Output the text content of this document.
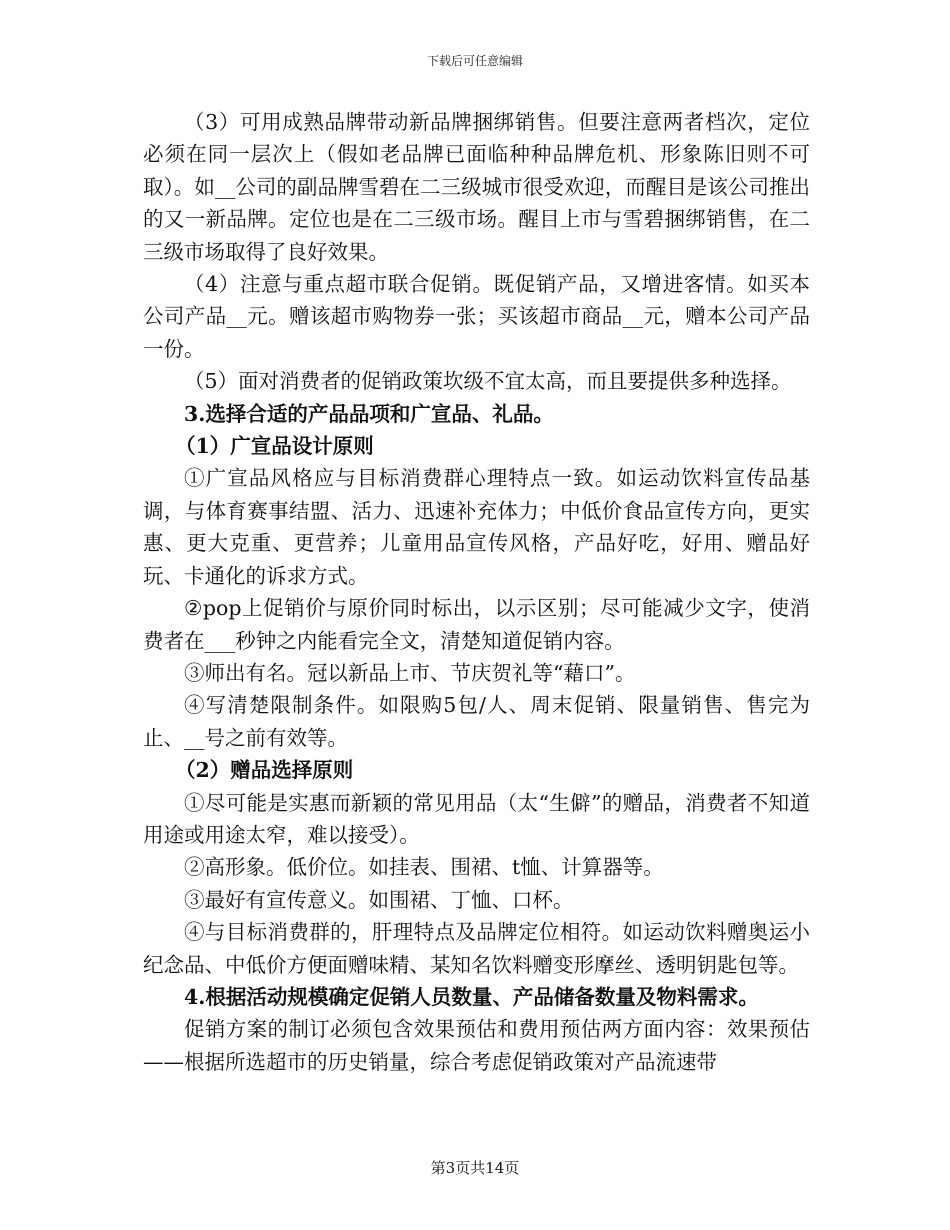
下载后可任意编辑

（3）可用成熟品牌带动新品牌捆绑销售。但要注意两者档次，定位必须在同一层次上（假如老品牌已面临种种品牌危机、形象陈旧则不可取）。如__公司的副品牌雪碧在二三级城市很受欢迎，而醒目是该公司推出的又一新品牌。定位也是在二三级市场。醒目上市与雪碧捆绑销售，在二三级市场取得了良好效果。

（4）注意与重点超市联合促销。既促销产品，又增进客情。如买本公司产品__元。赠该超市购物券一张；买该超市商品__元，赠本公司产品一份。

（5）面对消费者的促销政策坎级不宜太高，而且要提供多种选择。

3.选择合适的产品品项和广宣品、礼品。

（1）广宣品设计原则

①广宣品风格应与目标消费群心理特点一致。如运动饮料宣传品基调，与体育赛事结盟、活力、迅速补充体力；中低价食品宣传方向，更实惠、更大克重、更营养；儿童用品宣传风格，产品好吃，好用、赠品好玩、卡通化的诉求方式。

②pop上促销价与原价同时标出，以示区别；尽可能减少文字，使消费者在___秒钟之内能看完全文，清楚知道促销内容。

③师出有名。冠以新品上市、节庆贺礼等“藉口”。

④写清楚限制条件。如限购5包/人、周末促销、限量销售、售完为止、__号之前有效等。

（2）赠品选择原则

①尽可能是实惠而新颖的常见用品（太“生僻”的赠品，消费者不知道用途或用途太窄，难以接受）。

②高形象。低价位。如挂表、围裙、t恤、计算器等。

③最好有宣传意义。如围裙、丁恤、口杯。

④与目标消费群的，肝理特点及品牌定位相符。如运动饮料赠奥运小纪念品、中低价方便面赠味精、某知名饮料赠变形摩丝、透明钥匙包等。

4.根据活动规模确定促销人员数量、产品储备数量及物料需求。

促销方案的制订必须包含效果预估和费用预估两方面内容：效果预估——根据所选超市的历史销量，综合考虑促销政策对产品流速带

第3页共14页
